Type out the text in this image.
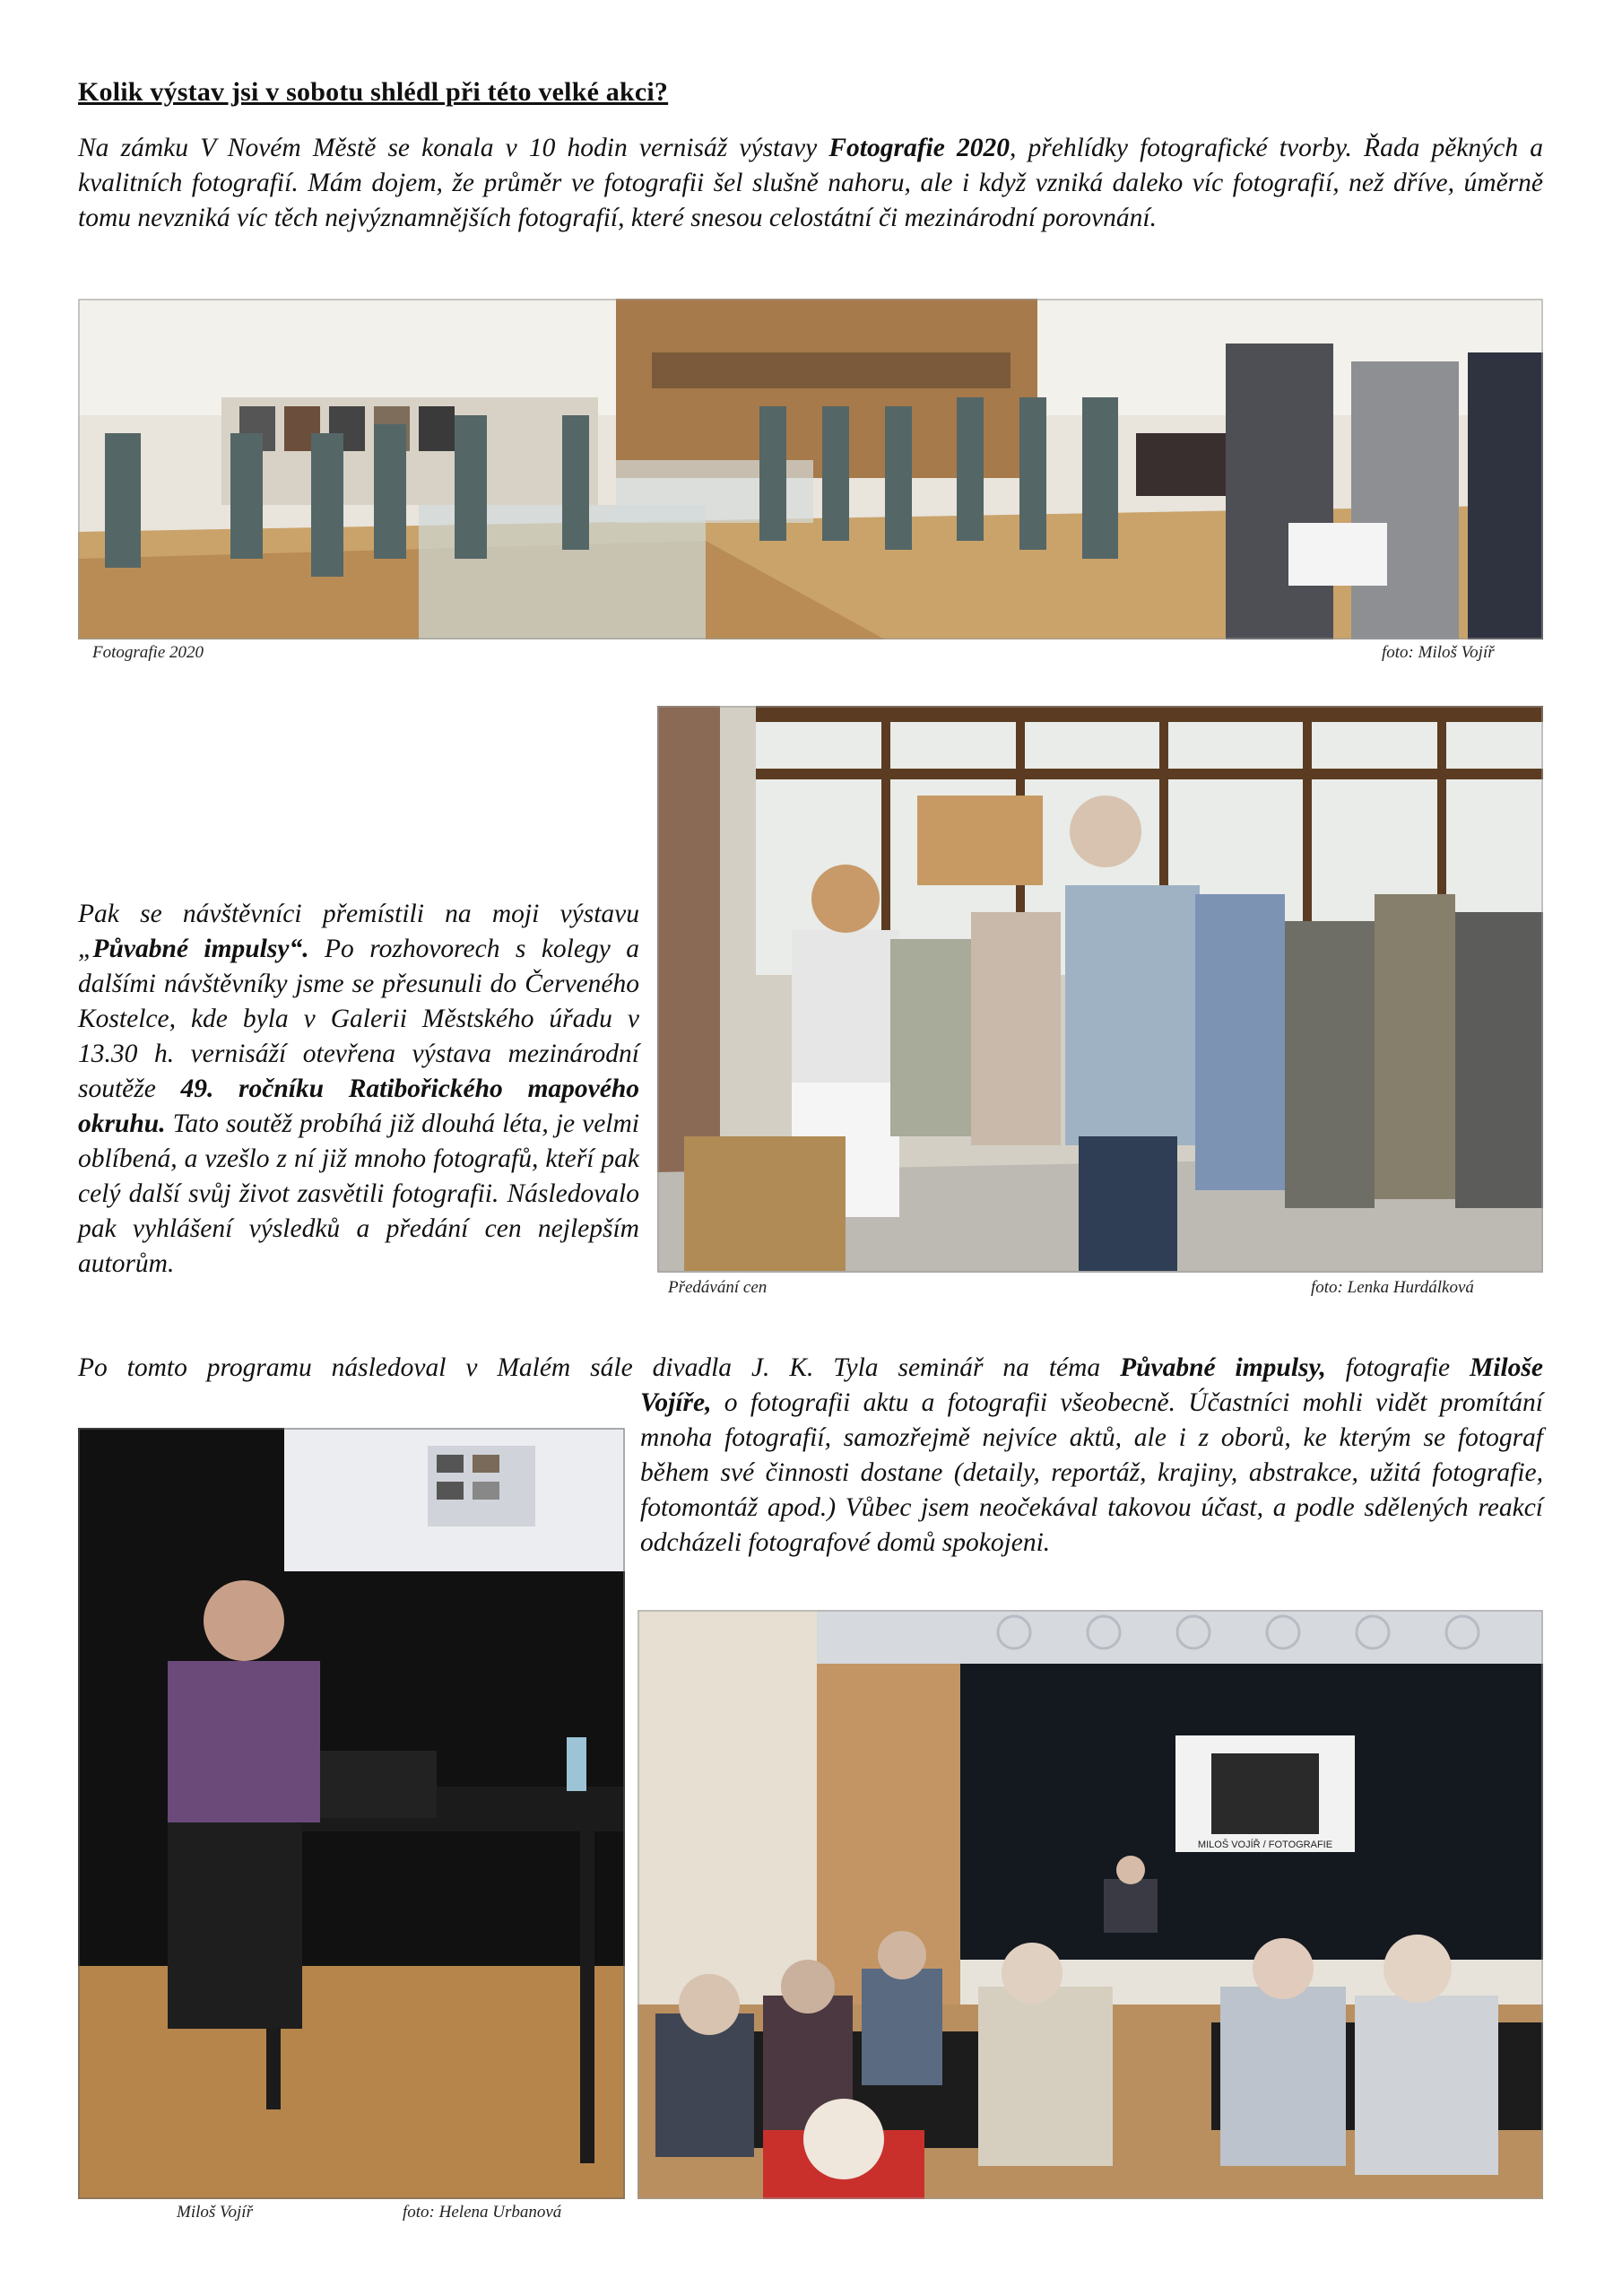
Kolik výstav jsi v sobotu shlédl při této velké akci?
Na zámku V Novém Městě se konala v 10 hodin vernisáž výstavy Fotografie 2020, přehlídky fotografické tvorby. Řada pěkných a kvalitních fotografií. Mám dojem, že průměr ve fotografii šel slušně nahoru, ale i když vzniká daleko víc fotografií, než dříve, úměrně tomu nevzniká víc těch nejvýznamnějších fotografií, které snesou celostátní či mezinárodní porovnání.
Fotografie 2020	foto: Miloš Vojíř
Předávání cen	foto: Lenka Hurdálková
Pak se návštěvníci přemístili na moji výstavu „Půvabné impulsy“. Po rozhovorech s kolegy a dalšími návštěvníky jsme se přesunuli do Červeného Kostelce, kde byla v Galerii Městského úřadu v 13.30 h. vernisáží otevřena výstava mezinárodní soutěže 49. ročníku Ratibořického mapového okruhu. Tato soutěž probíhá již dlouhá léta, je velmi oblíbená, a vzešlo z ní již mnoho fotografů, kteří pak celý další svůj život zasvětili fotografii. Následovalo pak vyhlášení výsledků a předání cen nejlepším autorům.
Po tomto programu následoval v Malém sále divadla J. K. Tyla seminář na téma Půvabné impulsy, fotografie Miloše
Vojíře, o fotografii aktu a fotografii všeobecně. Účastníci mohli vidět promítání mnoha fotografií, samozřejmě nejvíce aktů, ale i z oborů, ke kterým se fotograf během své činnosti dostane (detaily, reportáž, krajiny, abstrakce, užitá fotografie, fotomontáž apod.) Vůbec jsem neočekával takovou účast, a podle sdělených reakcí odcházeli fotografové domů spokojeni.
Miloš Vojíř	foto: Helena Urbanová
MILOŠ VOJÍŘ / FOTOGRAFIE
